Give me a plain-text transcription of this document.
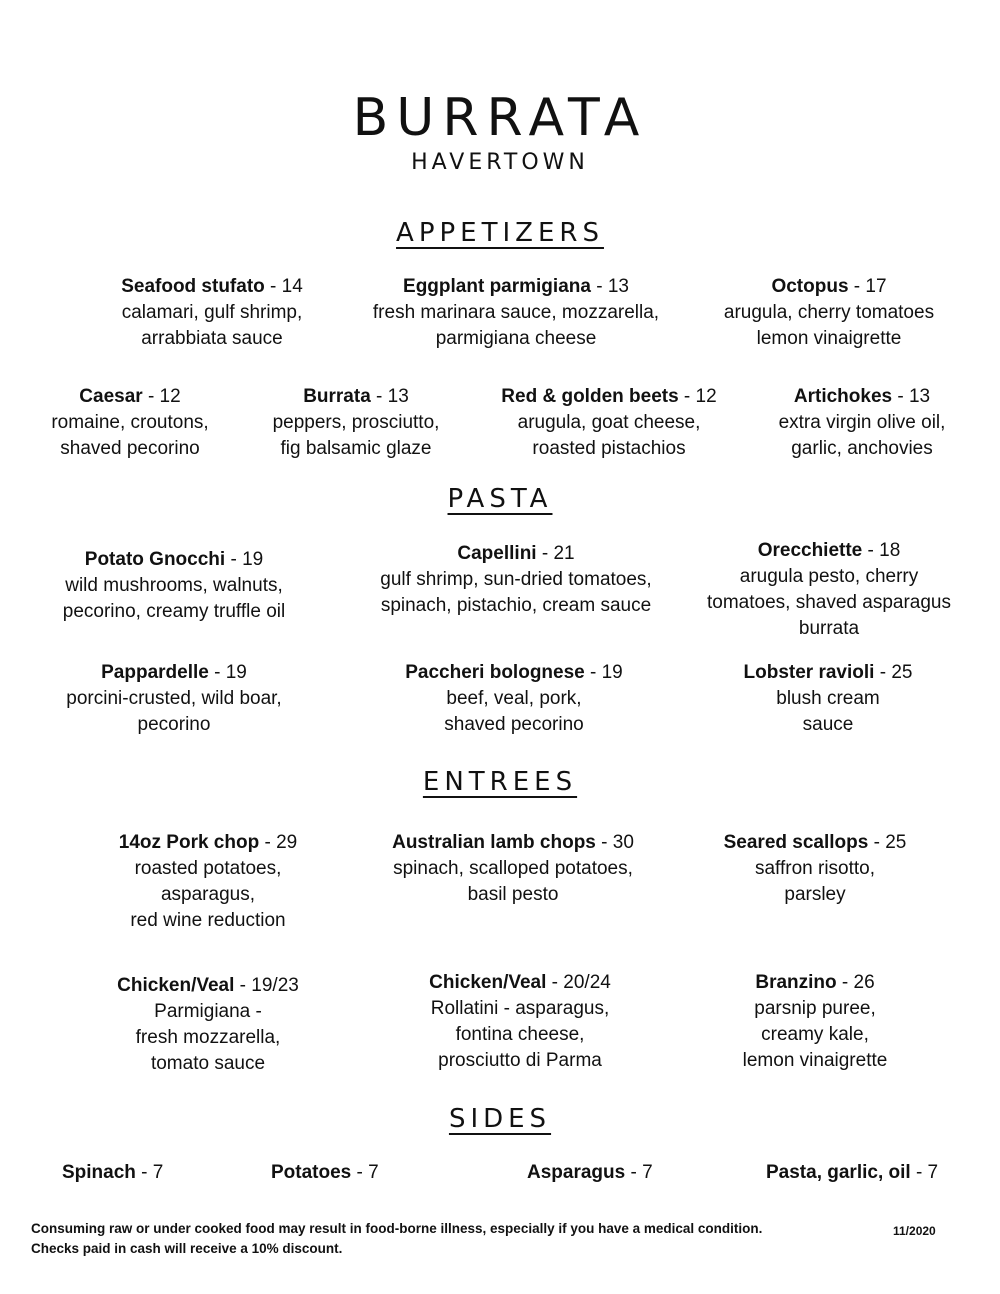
BURRATA
HAVERTOWN
APPETIZERS
Seafood stufato - 14
calamari, gulf shrimp,
arrabbiata sauce
Eggplant parmigiana - 13
fresh marinara sauce, mozzarella,
parmigiana cheese
Octopus - 17
arugula, cherry tomatoes
lemon vinaigrette
Caesar - 12
romaine, croutons,
shaved pecorino
Burrata - 13
peppers, prosciutto,
fig balsamic glaze
Red & golden beets - 12
arugula, goat cheese,
roasted pistachios
Artichokes - 13
extra virgin olive oil,
garlic, anchovies
PASTA
Potato Gnocchi - 19
wild mushrooms, walnuts,
pecorino, creamy truffle oil
Capellini - 21
gulf shrimp, sun-dried tomatoes,
spinach, pistachio, cream sauce
Orecchiette - 18
arugula pesto, cherry
tomatoes, shaved asparagus
burrata
Pappardelle - 19
porcini-crusted, wild boar,
pecorino
Paccheri bolognese - 19
beef, veal, pork,
shaved pecorino
Lobster ravioli - 25
blush cream
sauce
ENTREES
14oz Pork chop - 29
roasted potatoes,
asparagus,
red wine reduction
Australian lamb chops - 30
spinach, scalloped potatoes,
basil pesto
Seared scallops - 25
saffron risotto,
parsley
Chicken/Veal - 19/23
Parmigiana -
fresh mozzarella,
tomato sauce
Chicken/Veal - 20/24
Rollatini - asparagus,
fontina cheese,
prosciutto di Parma
Branzino - 26
parsnip puree,
creamy kale,
lemon vinaigrette
SIDES
Spinach - 7	Potatoes - 7	Asparagus - 7	Pasta, garlic, oil - 7
Consuming raw or under cooked food may result in food-borne illness, especially if you have a medical condition.
Checks paid in cash will receive a 10% discount.
11/2020
